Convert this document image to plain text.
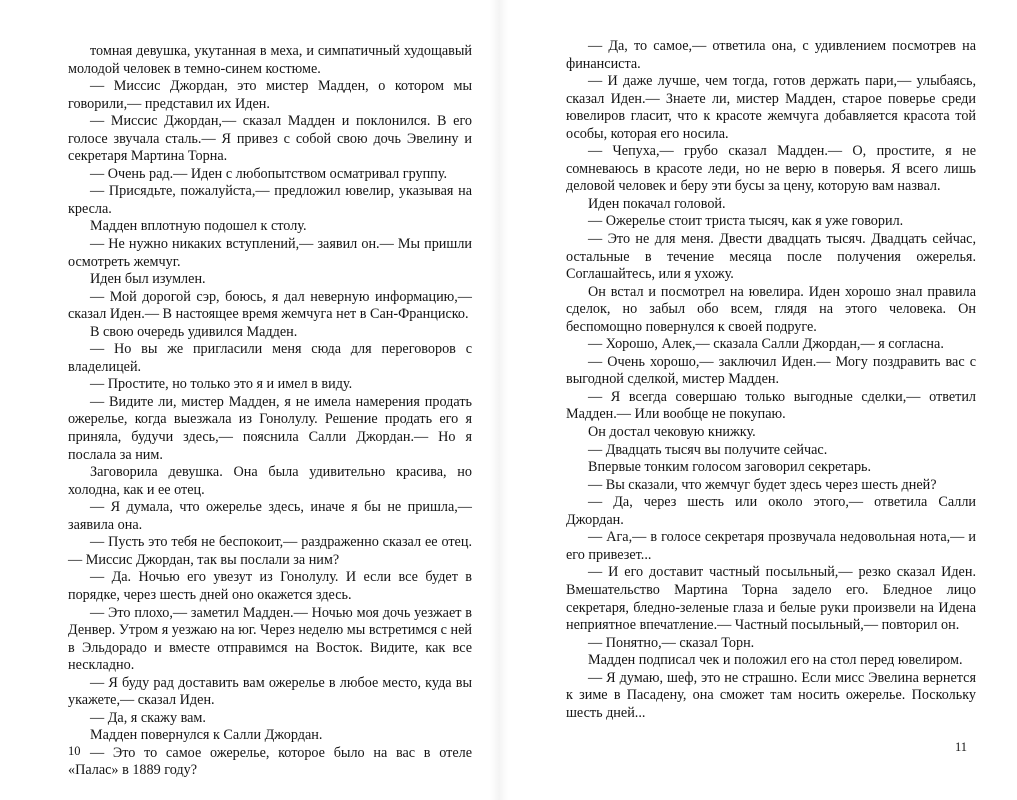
томная девушка, укутанная в меха, и симпатичный худощавый молодой человек в темно-синем костюме.

— Миссис Джордан, это мистер Мадден, о котором мы говорили,— представил их Иден.

— Миссис Джордан,— сказал Мадден и поклонился. В его голосе звучала сталь.— Я привез с собой свою дочь Эвелину и секретаря Мартина Торна.

— Очень рад.— Иден с любопытством осматривал группу.

— Присядьте, пожалуйста,— предложил ювелир, указывая на кресла.

Мадден вплотную подошел к столу.

— Не нужно никаких вступлений,— заявил он.— Мы пришли осмотреть жемчуг.

Иден был изумлен.

— Мой дорогой сэр, боюсь, я дал неверную информацию,— сказал Иден.— В настоящее время жемчуга нет в Сан-Франциско.

В свою очередь удивился Мадден.

— Но вы же пригласили меня сюда для переговоров с владелицей.

— Простите, но только это я и имел в виду.

— Видите ли, мистер Мадден, я не имела намерения продать ожерелье, когда выезжала из Гонолулу. Решение продать его я приняла, будучи здесь,— пояснила Салли Джордан.— Но я послала за ним.

Заговорила девушка. Она была удивительно красива, но холодна, как и ее отец.

— Я думала, что ожерелье здесь, иначе я бы не пришла,— заявила она.

— Пусть это тебя не беспокоит,— раздраженно сказал ее отец.— Миссис Джордан, так вы послали за ним?

— Да. Ночью его увезут из Гонолулу. И если все будет в порядке, через шесть дней оно окажется здесь.

— Это плохо,— заметил Мадден.— Ночью моя дочь уезжает в Денвер. Утром я уезжаю на юг. Через неделю мы встретимся с ней в Эльдорадо и вместе отправимся на Восток. Видите, как все нескладно.

— Я буду рад доставить вам ожерелье в любое место, куда вы укажете,— сказал Иден.

— Да, я скажу вам.

Мадден повернулся к Салли Джордан.

— Это то самое ожерелье, которое было на вас в отеле «Палас» в 1889 году?

10

— Да, то самое,— ответила она, с удивлением посмотрев на финансиста.

— И даже лучше, чем тогда, готов держать пари,— улыбаясь, сказал Иден.— Знаете ли, мистер Мадден, старое поверье среди ювелиров гласит, что к красоте жемчуга добавляется красота той особы, которая его носила.

— Чепуха,— грубо сказал Мадден.— О, простите, я не сомневаюсь в красоте леди, но не верю в поверья. Я всего лишь деловой человек и беру эти бусы за цену, которую вам назвал.

Иден покачал головой.

— Ожерелье стоит триста тысяч, как я уже говорил.

— Это не для меня. Двести двадцать тысяч. Двадцать сейчас, остальные в течение месяца после получения ожерелья. Соглашайтесь, или я ухожу.

Он встал и посмотрел на ювелира. Иден хорошо знал правила сделок, но забыл обо всем, глядя на этого человека. Он беспомощно повернулся к своей подруге.

— Хорошо, Алек,— сказала Салли Джордан,— я согласна.

— Очень хорошо,— заключил Иден.— Могу поздравить вас с выгодной сделкой, мистер Мадден.

— Я всегда совершаю только выгодные сделки,— ответил Мадден.— Или вообще не покупаю.

Он достал чековую книжку.

— Двадцать тысяч вы получите сейчас.

Впервые тонким голосом заговорил секретарь.

— Вы сказали, что жемчуг будет здесь через шесть дней?

— Да, через шесть или около этого,— ответила Салли Джордан.

— Ага,— в голосе секретаря прозвучала недовольная нота,— и его привезет...

— И его доставит частный посыльный,— резко сказал Иден. Вмешательство Мартина Торна задело его. Бледное лицо секретаря, бледно-зеленые глаза и белые руки произвели на Идена неприятное впечатление.— Частный посыльный,— повторил он.

— Понятно,— сказал Торн.

Мадден подписал чек и положил его на стол перед ювелиром.

— Я думаю, шеф, это не страшно. Если мисс Эвелина вернется к зиме в Пасадену, она сможет там носить ожерелье. Поскольку шесть дней...

11
